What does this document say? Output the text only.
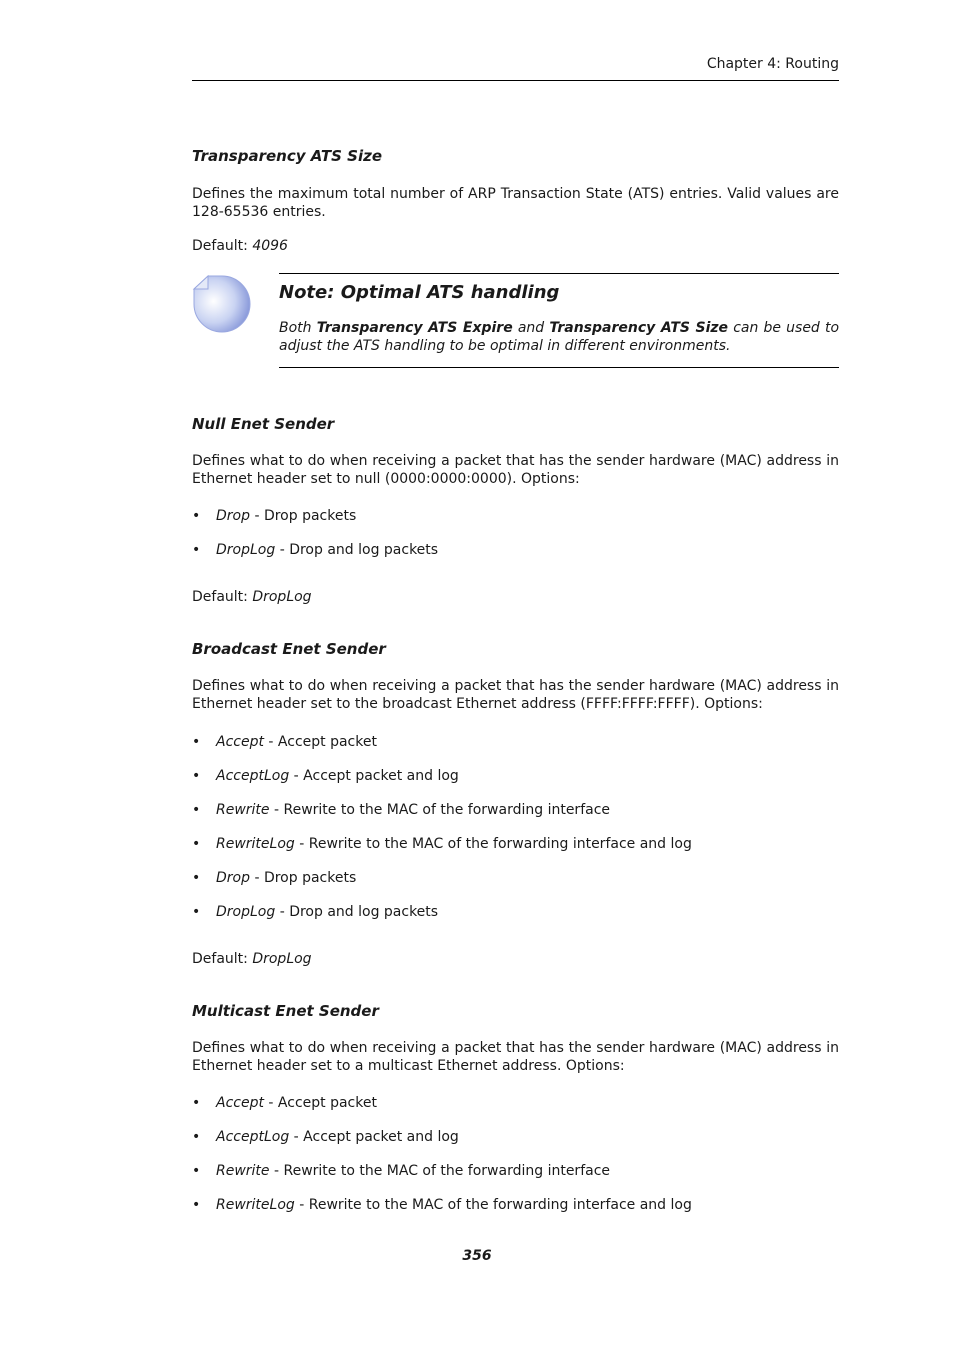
Chapter 4: Routing
Transparency ATS Size

Defines the maximum total number of ARP Transaction State (ATS) entries. Valid values are 128-65536 entries.

Default: 4096

Note: Optimal ATS handling
Both Transparency ATS Expire and Transparency ATS Size can be used to adjust the ATS handling to be optimal in different environments.
Null Enet Sender

Defines what to do when receiving a packet that has the sender hardware (MAC) address in Ethernet header set to null (0000:0000:0000). Options:

• Drop - Drop packets
• DropLog - Drop and log packets

Default: DropLog

Broadcast Enet Sender

Defines what to do when receiving a packet that has the sender hardware (MAC) address in Ethernet header set to the broadcast Ethernet address (FFFF:FFFF:FFFF). Options:

• Accept - Accept packet
• AcceptLog - Accept packet and log
• Rewrite - Rewrite to the MAC of the forwarding interface
• RewriteLog - Rewrite to the MAC of the forwarding interface and log
• Drop - Drop packets
• DropLog - Drop and log packets

Default: DropLog

Multicast Enet Sender

Defines what to do when receiving a packet that has the sender hardware (MAC) address in Ethernet header set to a multicast Ethernet address. Options:

• Accept - Accept packet
• AcceptLog - Accept packet and log
• Rewrite - Rewrite to the MAC of the forwarding interface
• RewriteLog - Rewrite to the MAC of the forwarding interface and log
356
